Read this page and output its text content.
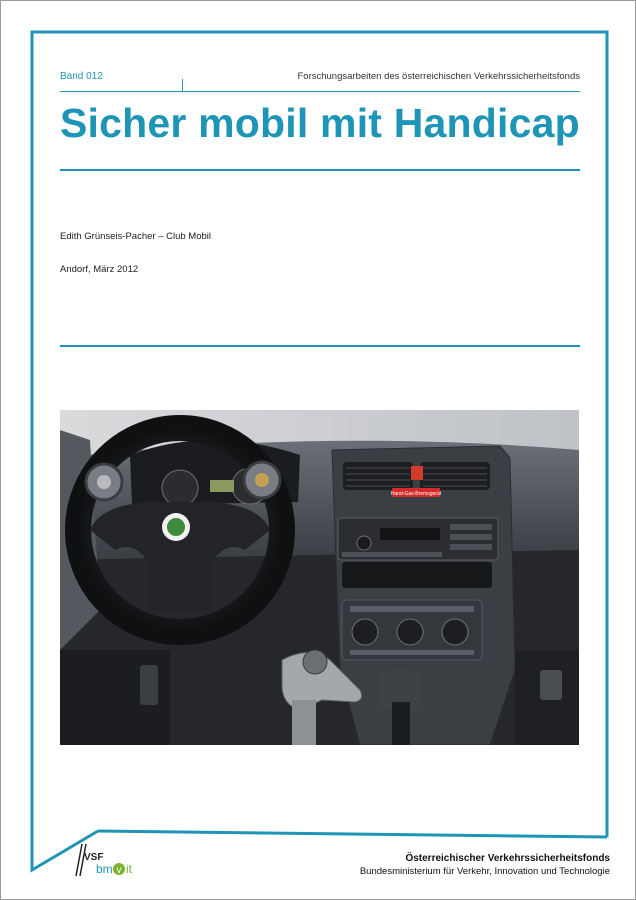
Band 012	Forschungsarbeiten des österreichischen Verkehrssicherheitsfonds
Sicher mobil mit Handicap
Edith Grünseis-Pacher – Club Mobil
Andorf, März 2012
Hand-Gas-Bremsgerät
VSF
bm v it
Österreichischer Verkehrssicherheitsfonds
Bundesministerium für Verkehr, Innovation und Technologie
